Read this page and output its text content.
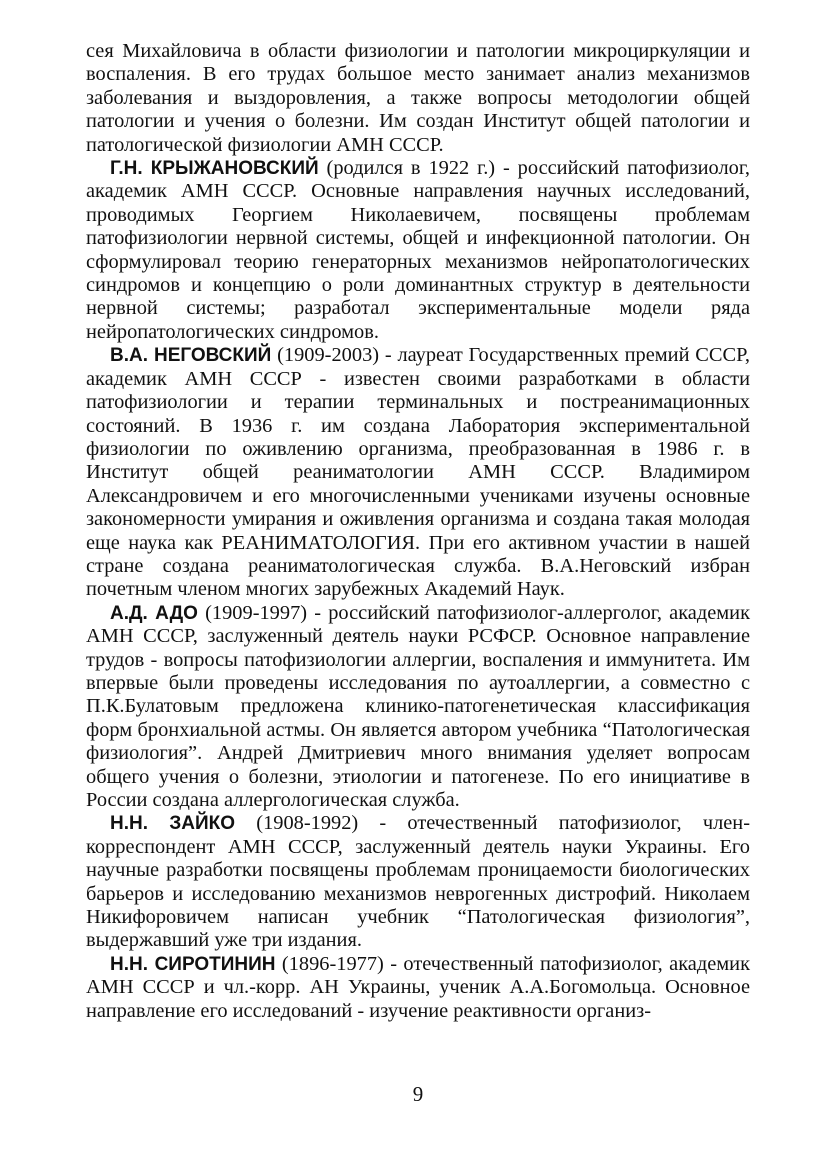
сея Михайловича в области физиологии и патологии микроциркуляции и воспаления. В его трудах большое место занимает анализ механизмов заболевания и выздоровления, а также вопросы методологии общей патологии и учения о болезни. Им создан Институт общей патологии и патологической физиологии АМН СССР.

Г.Н. КРЫЖАНОВСКИЙ (родился в 1922 г.) - российский патофизиолог, академик АМН СССР. Основные направления научных исследований, проводимых Георгием Николаевичем, посвящены проблемам патофизиологии нервной системы, общей и инфекционной патологии. Он сформулировал теорию генераторных механизмов нейропатологических синдромов и концепцию о роли доминантных структур в деятельности нервной системы; разработал экспериментальные модели ряда нейропатологических синдромов.

В.А. НЕГОВСКИЙ (1909-2003) - лауреат Государственных премий СССР, академик АМН СССР - известен своими разработками в области патофизиологии и терапии терминальных и постреанимационных состояний. В 1936 г. им создана Лаборатория экспериментальной физиологии по оживлению организма, преобразованная в 1986 г. в Институт общей реаниматологии АМН СССР. Владимиром Александровичем и его многочисленными учениками изучены основные закономерности умирания и оживления организма и создана такая молодая еще наука как РЕАНИМАТОЛОГИЯ. При его активном участии в нашей стране создана реаниматологическая служба. В.А.Неговский избран почетным членом многих зарубежных Академий Наук.

А.Д. АДО (1909-1997) - российский патофизиолог-аллерголог, академик АМН СССР, заслуженный деятель науки РСФСР. Основное направление трудов - вопросы патофизиологии аллергии, воспаления и иммунитета. Им впервые были проведены исследования по аутоаллергии, а совместно с П.К.Булатовым предложена клинико-патогенетическая классификация форм бронхиальной астмы. Он является автором учебника “Патологическая физиология”. Андрей Дмитриевич много внимания уделяет вопросам общего учения о болезни, этиологии и патогенезе. По его инициативе в России создана аллергологическая служба.

Н.Н. ЗАЙКО (1908-1992) - отечественный патофизиолог, член-корреспондент АМН СССР, заслуженный деятель науки Украины. Его научные разработки посвящены проблемам проницаемости биологических барьеров и исследованию механизмов неврогенных дистрофий. Николаем Никифоровичем написан учебник “Патологическая физиология”, выдержавший уже три издания.

Н.Н. СИРОТИНИН (1896-1977) - отечественный патофизиолог, академик АМН СССР и чл.-корр. АН Украины, ученик А.А.Богомольца. Основное направление его исследований - изучение реактивности организ-

9
